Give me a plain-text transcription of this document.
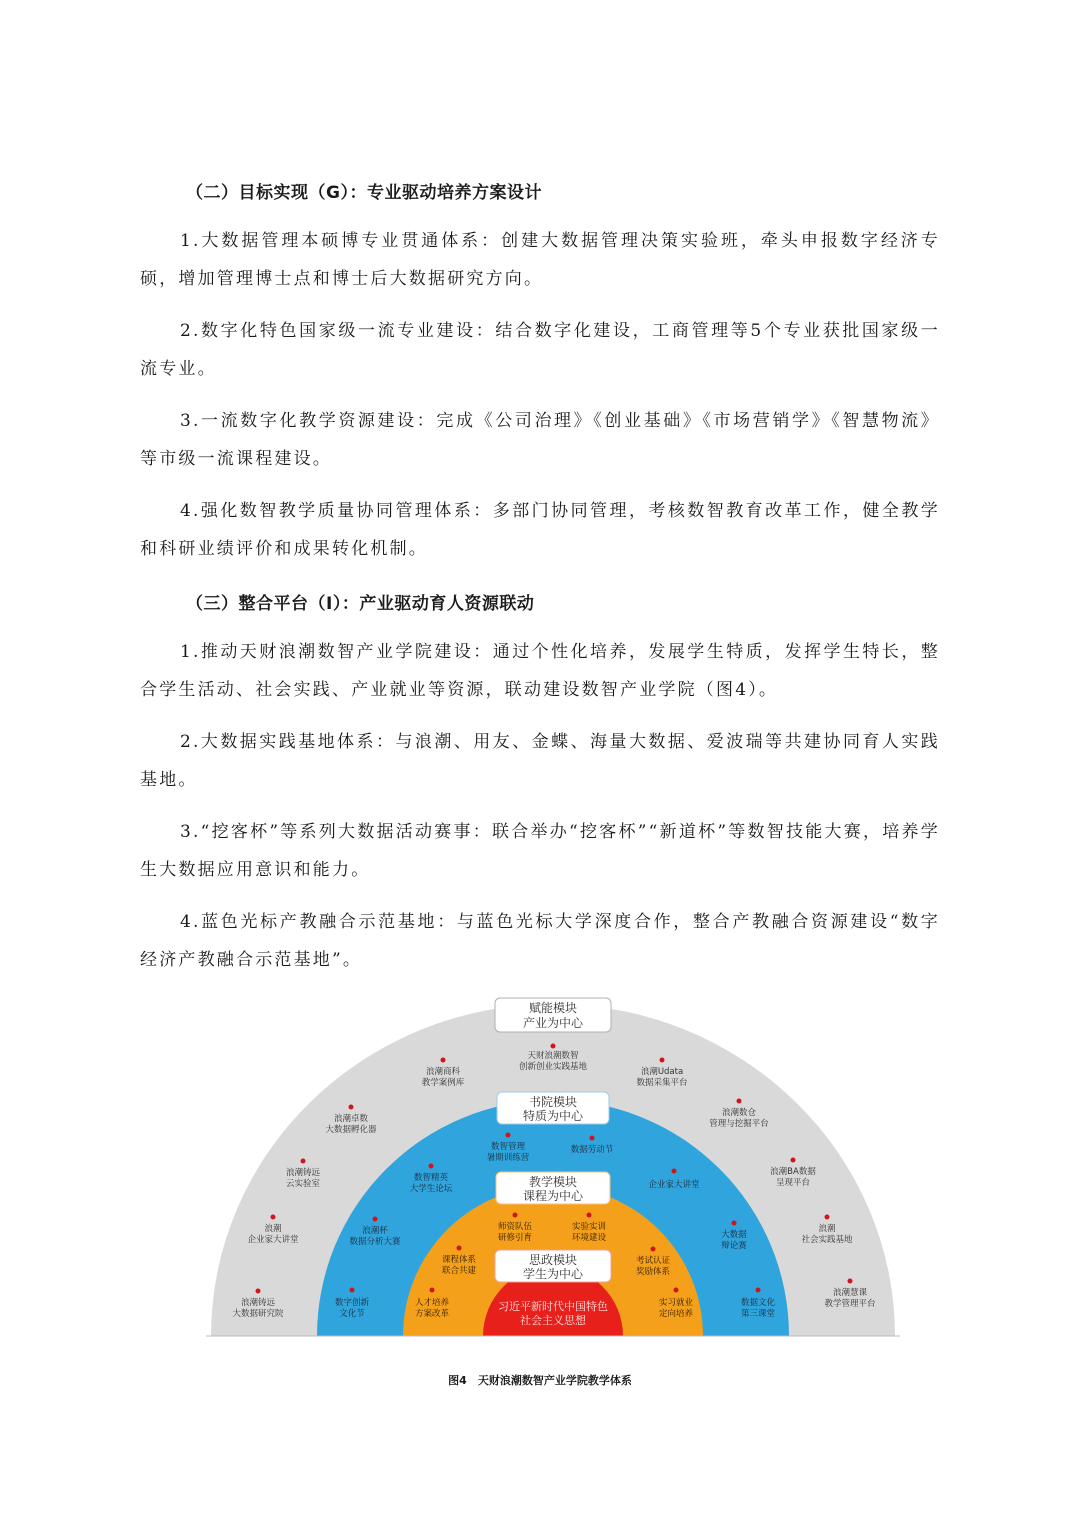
（二）目标实现（G）：专业驱动培养方案设计
1.大数据管理本硕博专业贯通体系：创建大数据管理决策实验班，牵头申报数字经济专硕，增加管理博士点和博士后大数据研究方向。
2.数字化特色国家级一流专业建设：结合数字化建设，工商管理等5个专业获批国家级一流专业。
3.一流数字化教学资源建设：完成《公司治理》《创业基础》《市场营销学》《智慧物流》等市级一流课程建设。
4.强化数智教学质量协同管理体系：多部门协同管理，考核数智教育改革工作，健全教学和科研业绩评价和成果转化机制。
（三）整合平台（I）：产业驱动育人资源联动
1.推动天财浪潮数智产业学院建设：通过个性化培养，发展学生特质，发挥学生特长，整合学生活动、社会实践、产业就业等资源，联动建设数智产业学院（图4）。
2.大数据实践基地体系：与浪潮、用友、金蝶、海量大数据、爱波瑞等共建协同育人实践基地。
3.“挖客杯”等系列大数据活动赛事：联合举办“挖客杯”“新道杯”等数智技能大赛，培养学生大数据应用意识和能力。
4.蓝色光标产教融合示范基地：与蓝色光标大学深度合作，整合产教融合资源建设“数字经济产教融合示范基地”。
习近平新时代中国特色
社会主义思想
赋能模块
产业为中心
书院模块
特质为中心
教学模块
课程为中心
思政模块
学生为中心
天财浪潮数智
创新创业实践基地
浪潮商科
教学案例库
浪潮Udata
数据采集平台
浪潮卓数
大数据孵化器
浪潮数仓
管理与挖掘平台
浪潮铸远
云实验室
浪潮BA数据
呈现平台
浪潮
企业家大讲堂
浪潮
社会实践基地
浪潮铸远
大数据研究院
浪潮慧课
教学管理平台
数智管理
暑期训练营
数据劳动节
数智精英
大学生论坛	企业家大讲堂
浪潮杯
数据分析大赛
大数据
辩论赛
数字创新
文化节
数据文化
第三课堂
师资队伍
研修引育
实验实训
环境建设
课程体系
联合共建
考试认证
奖励体系
人才培养
方案改革
实习就业
定向培养
图4　天财浪潮数智产业学院教学体系
